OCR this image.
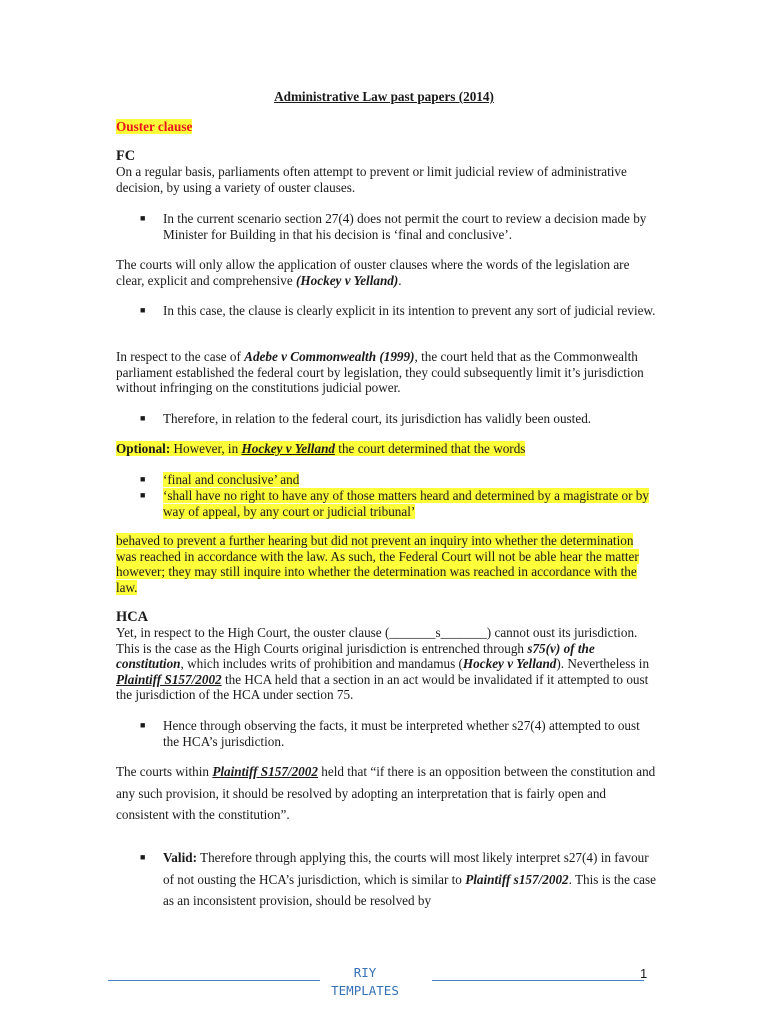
Administrative Law past papers (2014)
Ouster clause
FC
On a regular basis, parliaments often attempt to prevent or limit judicial review of administrative decision, by using a variety of ouster clauses.
■	In the current scenario section 27(4) does not permit the court to review a decision made by Minister for Building in that his decision is ‘final and conclusive’.
The courts will only allow the application of ouster clauses where the words of the legislation are clear, explicit and comprehensive (Hockey v Yelland).
■	In this case, the clause is clearly explicit in its intention to prevent any sort of judicial review.
In respect to the case of Adebe v Commonwealth (1999), the court held that as the Commonwealth parliament established the federal court by legislation, they could subsequently limit it’s jurisdiction without infringing on the constitutions judicial power.
■	Therefore, in relation to the federal court, its jurisdiction has validly been ousted.
Optional: However, in Hockey v Yelland the court determined that the words
■	‘final and conclusive’ and
■	‘shall have no right to have any of those matters heard and determined by a magistrate or by way of appeal, by any court or judicial tribunal’
behaved to prevent a further hearing but did not prevent an inquiry into whether the determination was reached in accordance with the law. As such, the Federal Court will not be able hear the matter however; they may still inquire into whether the determination was reached in accordance with the law.
HCA
Yet, in respect to the High Court, the ouster clause (_______s_______) cannot oust its jurisdiction. This is the case as the High Courts original jurisdiction is entrenched through s75(v) of the constitution, which includes writs of prohibition and mandamus (Hockey v Yelland). Nevertheless in Plaintiff S157/2002 the HCA held that a section in an act would be invalidated if it attempted to oust the jurisdiction of the HCA under section 75.
■	Hence through observing the facts, it must be interpreted whether s27(4) attempted to oust the HCA’s jurisdiction.
The courts within Plaintiff S157/2002 held that “if there is an opposition between the constitution and any such provision, it should be resolved by adopting an interpretation that is fairly open and consistent with the constitution”.
■	Valid: Therefore through applying this, the courts will most likely interpret s27(4) in favour of not ousting the HCA’s jurisdiction, which is similar to Plaintiff s157/2002. This is the case as an inconsistent provision, should be resolved by
RIY
TEMPLATES
1
